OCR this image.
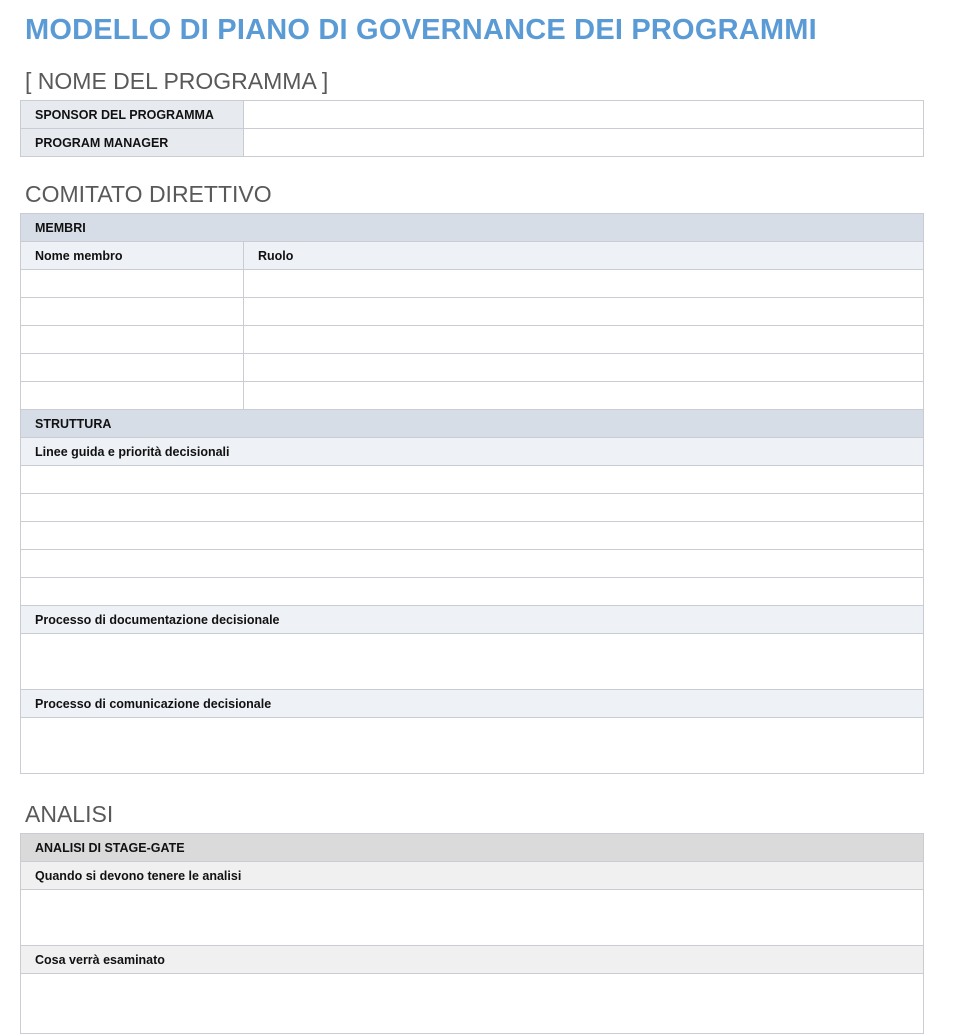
MODELLO DI PIANO DI GOVERNANCE DEI PROGRAMMI
[ NOME DEL PROGRAMMA ]
SPONSOR DEL PROGRAMMA	
PROGRAM MANAGER	
COMITATO DIRETTIVO
MEMBRI	
Nome membro	Ruolo

STRUTTURA	
Linee guida e priorità decisionali	

Processo di documentazione decisionale	

Processo di comunicazione decisionale	

ANALISI
ANALISI DI STAGE-GATE
Quando si devono tenere le analisi

Cosa verrà esaminato
